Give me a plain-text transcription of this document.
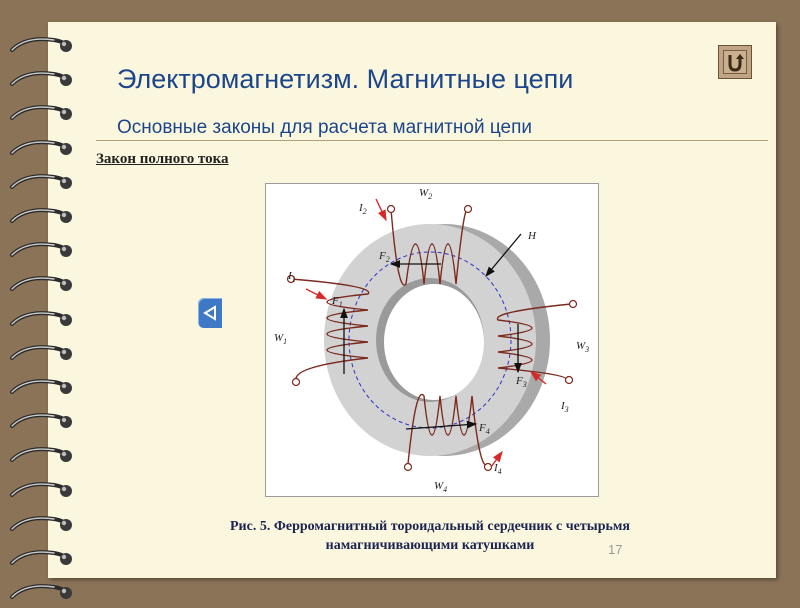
Электромагнетизм. Магнитные цепи
Основные законы для расчета магнитной цепи
Закон полного тока
$W_2$
$I_2$
H
$F_2$
$I_1$
$F_1$
$W_1$	$W_3$
$F_3$
$I_3$
$F_4$
$I_4$
$W_4$
Рис. 5. Ферромагнитный тороидальный сердечник с четырьмя
намагничивающими катушками	17
